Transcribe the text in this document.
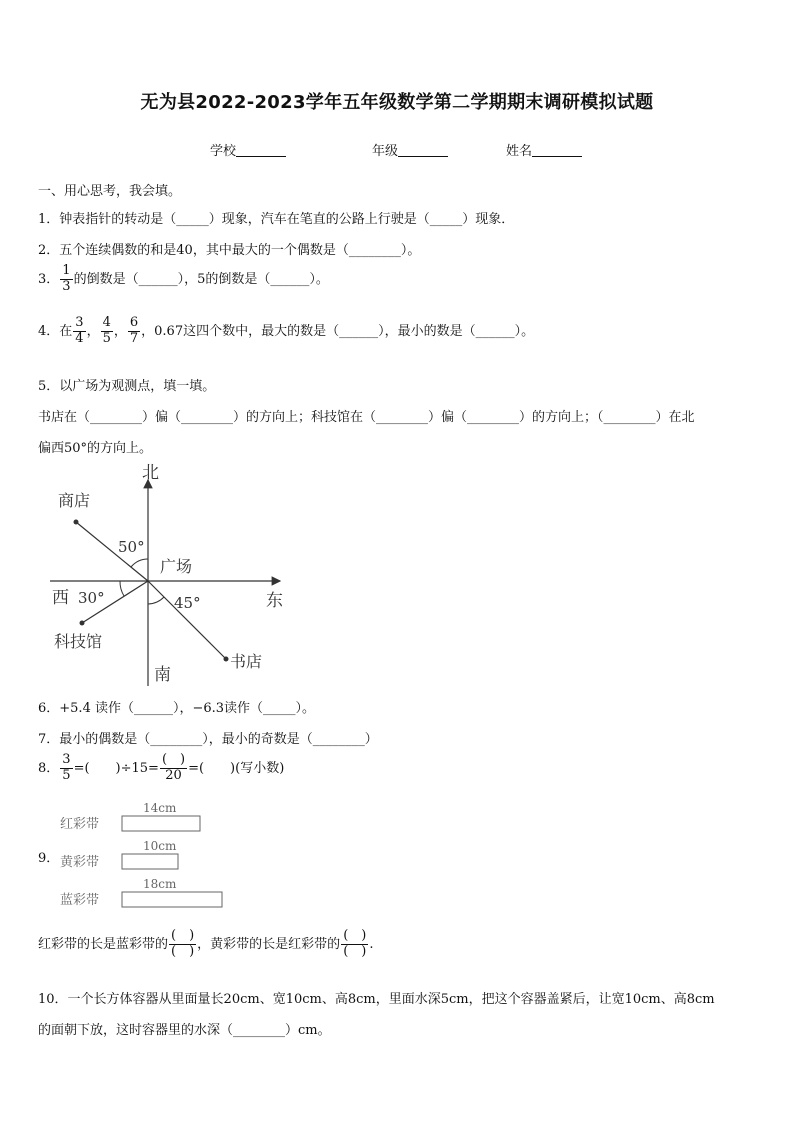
无为县2022-2023学年五年级数学第二学期期末调研模拟试题
学校	年级	姓名
一、用心思考，我会填。
1．钟表指针的转动是（_____）现象，汽车在笔直的公路上行驶是（_____）现象．
2．五个连续偶数的和是40，其中最大的一个偶数是（________）。
3． $\frac{1}{3}$ 的倒数是（______），5的倒数是（______）。
4．在 $\frac{3}{4}$ ， $\frac{4}{5}$ ， $\frac{6}{7}$ ，0.67这四个数中，最大的数是（______），最小的数是（______）。
5．以广场为观测点，填一填。
书店在（________）偏（________）的方向上；科技馆在（________）偏（________）的方向上；（________）在北
偏西50°的方向上。
北
南
东
西
广场
商店
科技馆
书店
50°
30°	45°
6．+5.4 读作（______），−6.3读作（_____）。
7．最小的偶数是（________），最小的奇数是（________）
8． $\frac{3}{5}$ =(　　)$\div 15= \frac{( )}{20}$ =(　　)(写小数)
9．
14cm
红彩带
10cm
黄彩带
18cm
蓝彩带
红彩带的长是蓝彩带的 $\frac{( )}{( )}$ ，黄彩带的长是红彩带的 $\frac{( )}{( )}$ .
10．一个长方体容器从里面量长20cm、宽10cm、高8cm，里面水深5cm，把这个容器盖紧后，让宽10cm、高8cm
的面朝下放，这时容器里的水深（________）cm。
